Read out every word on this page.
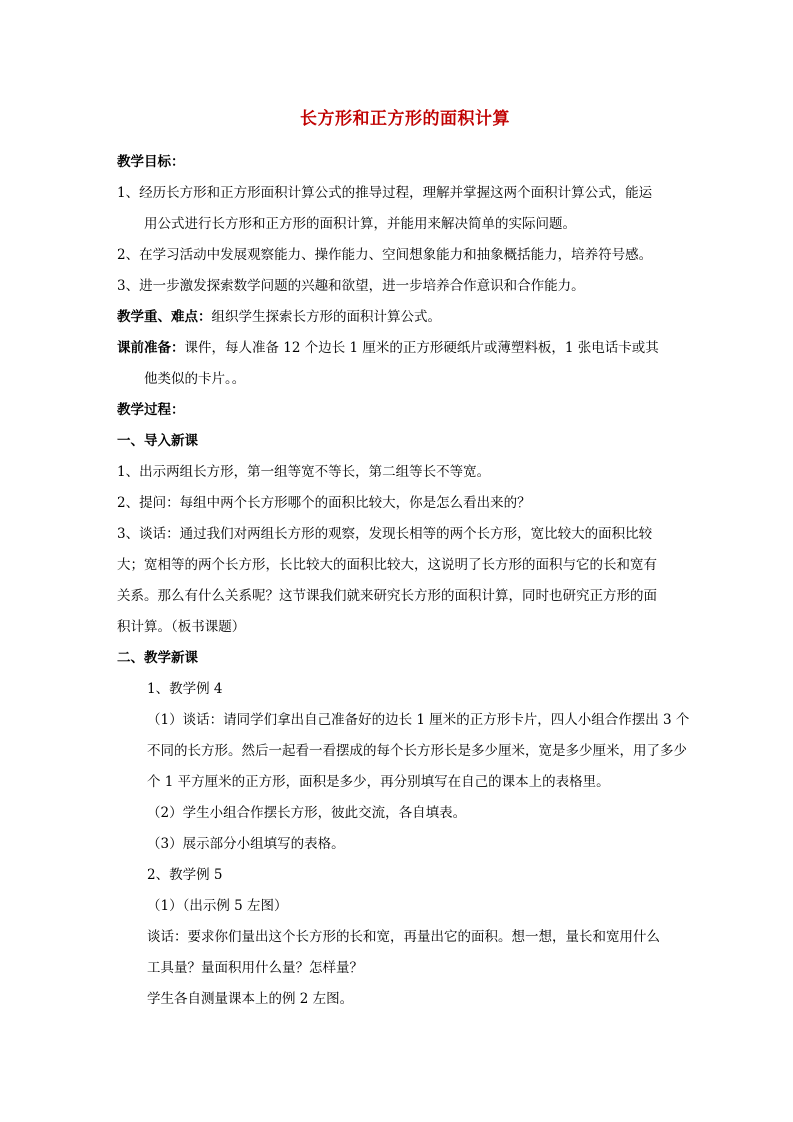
长方形和正方形的面积计算

教学目标：

1、经历长方形和正方形面积计算公式的推导过程，理解并掌握这两个面积计算公式，能运

用公式进行长方形和正方形的面积计算，并能用来解决简单的实际问题。

2、在学习活动中发展观察能力、操作能力、空间想象能力和抽象概括能力，培养符号感。

3、进一步激发探索数学问题的兴趣和欲望，进一步培养合作意识和合作能力。

教学重、难点：组织学生探索长方形的面积计算公式。

课前准备：课件，每人准备 12 个边长 1 厘米的正方形硬纸片或薄塑料板，1 张电话卡或其

他类似的卡片。。

教学过程：

一、导入新课

1、出示两组长方形，第一组等宽不等长，第二组等长不等宽。

2、提问：每组中两个长方形哪个的面积比较大，你是怎么看出来的？

3、谈话：通过我们对两组长方形的观察，发现长相等的两个长方形，宽比较大的面积比较

大；宽相等的两个长方形，长比较大的面积比较大，这说明了长方形的面积与它的长和宽有

关系。那么有什么关系呢？这节课我们就来研究长方形的面积计算，同时也研究正方形的面

积计算。（板书课题）

二、教学新课

1、教学例 4

（1）谈话：请同学们拿出自己准备好的边长 1 厘米的正方形卡片，四人小组合作摆出 3 个

不同的长方形。然后一起看一看摆成的每个长方形长是多少厘米，宽是多少厘米，用了多少

个 1 平方厘米的正方形，面积是多少，再分别填写在自己的课本上的表格里。

（2）学生小组合作摆长方形，彼此交流，各自填表。

（3）展示部分小组填写的表格。

2、教学例 5

（1）（出示例 5 左图）

谈话：要求你们量出这个长方形的长和宽，再量出它的面积。想一想，量长和宽用什么

工具量？量面积用什么量？怎样量？

学生各自测量课本上的例 2 左图。
